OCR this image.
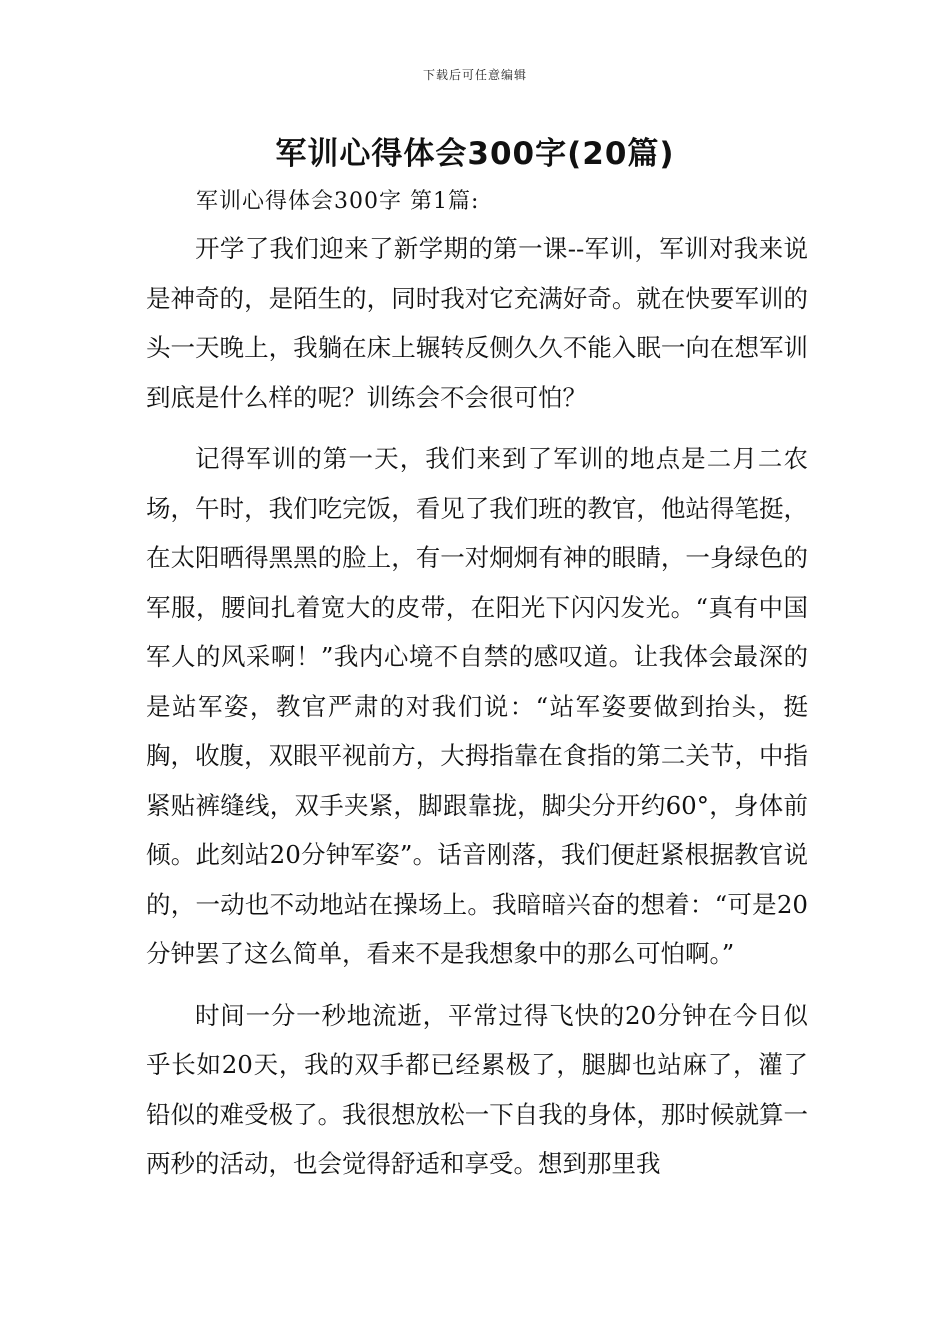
下载后可任意编辑
军训心得体会300字(20篇)

军训心得体会300字 第1篇:

开学了我们迎来了新学期的第一课--军训，军训对我来说是神奇的，是陌生的，同时我对它充满好奇。就在快要军训的头一天晚上，我躺在床上辗转反侧久久不能入眠一向在想军训到底是什么样的呢？训练会不会很可怕？

记得军训的第一天，我们来到了军训的地点是二月二农场，午时，我们吃完饭，看见了我们班的教官，他站得笔挺，在太阳晒得黑黑的脸上，有一对炯炯有神的眼睛，一身绿色的军服，腰间扎着宽大的皮带，在阳光下闪闪发光。“真有中国军人的风采啊！”我内心境不自禁的感叹道。让我体会最深的是站军姿，教官严肃的对我们说：“站军姿要做到抬头，挺胸，收腹，双眼平视前方，大拇指靠在食指的第二关节，中指紧贴裤缝线，双手夹紧，脚跟靠拢，脚尖分开约60°，身体前倾。此刻站20分钟军姿”。话音刚落，我们便赶紧根据教官说的，一动也不动地站在操场上。我暗暗兴奋的想着：“可是20分钟罢了这么简单，看来不是我想象中的那么可怕啊。”

时间一分一秒地流逝，平常过得飞快的20分钟在今日似乎长如20天，我的双手都已经累极了，腿脚也站麻了，灌了铅似的难受极了。我很想放松一下自我的身体，那时候就算一两秒的活动，也会觉得舒适和享受。想到那里我
